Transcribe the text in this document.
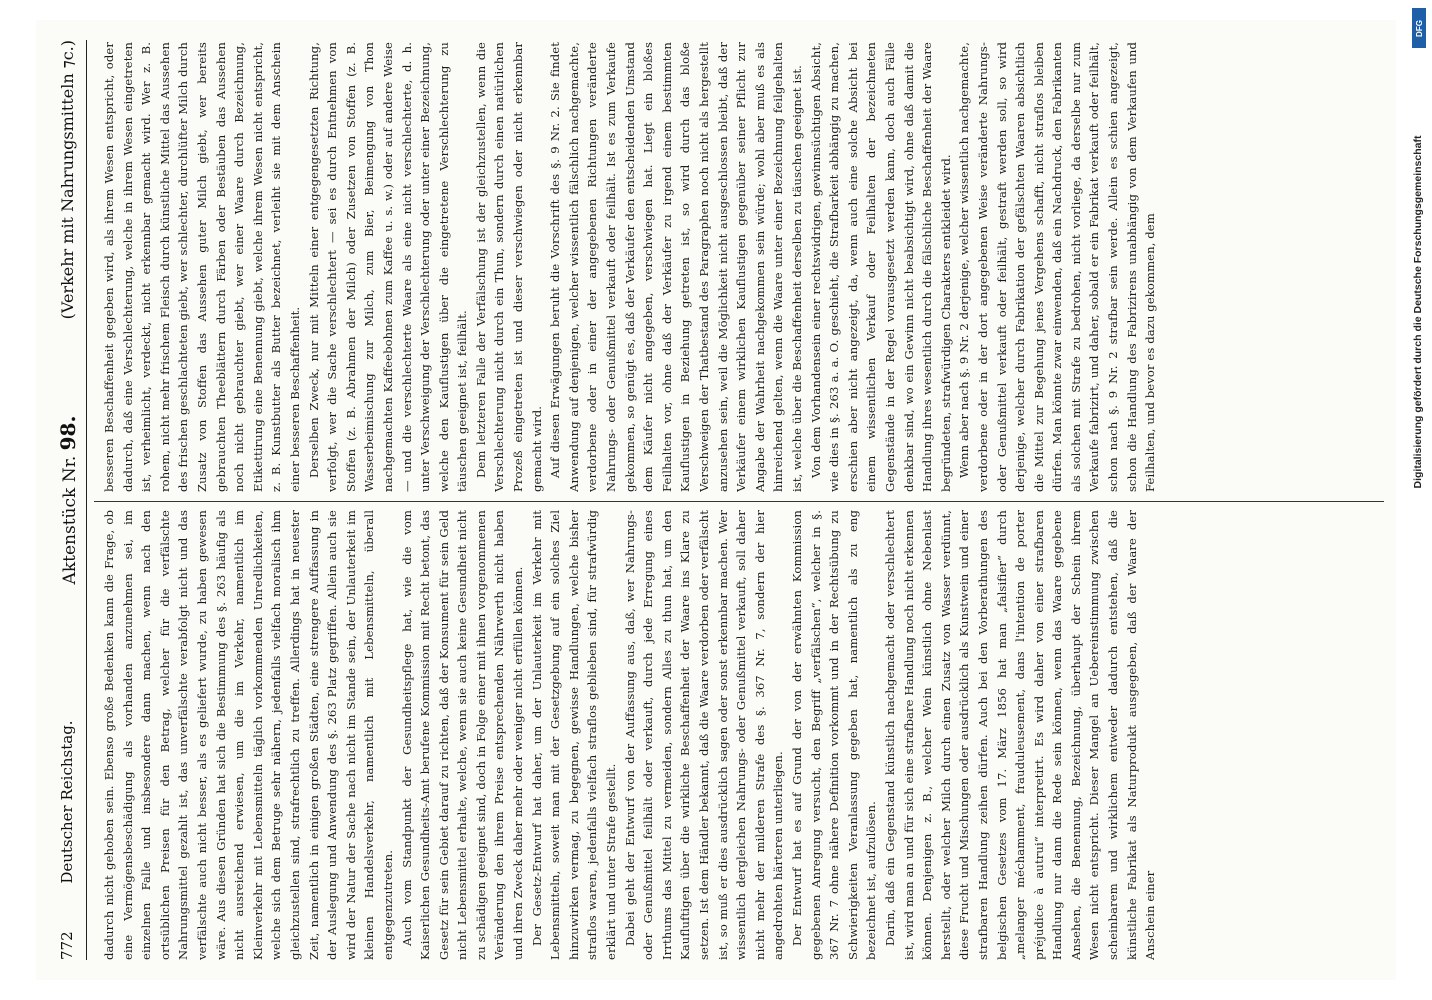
DFG
Digitalisierung gefördert durch die Deutsche Forschungsgemeinschaft
772          Deutscher Reichstag.
Aktenstück Nr. 98.
(Verkehr mit Nahrungsmitteln ⁊c.)

dadurch nicht gehoben sein. Ebenso große Bedenken kann die Frage, ob eine Vermögensbeschädigung als vorhanden anzunehmen sei, im einzelnen Falle und insbesondere dann machen, wenn nach den ortsüblichen Preisen für den Betrag, welcher für die verfälschte Nahrungsmittel gezahlt ist, das unverfälschte verabfolgt nicht und das verfälschte auch nicht besser, als es geliefert wurde, zu haben gewesen wäre. Aus diesen Gründen hat sich die Bestimmung des §. 263 häufig als nicht ausreichend erwiesen, um die im Verkehr, namentlich im Kleinverkehr mit Lebensmitteln täglich vorkommenden Unredlichkeiten, welche sich dem Betruge sehr nähern, jedenfalls vielfach moralisch ihm gleichzustellen sind, strafrechtlich zu treffen. Allerdings hat in neuester Zeit, namentlich in einigen großen Städten, eine strengere Auffassung in der Auslegung und Anwendung des §. 263 Platz gegriffen. Allein auch sie wird der Natur der Sache nach nicht im Stande sein, der Unlauterkeit im kleinen Handelsverkehr, namentlich mit Lebensmitteln, überall entgegenzutreten. Auch vom Standpunkt der Gesundheitspflege hat, wie die vom Kaiserlichen Gesundheits-Amt berufene Kommission mit Recht betont, das Gesetz für sein Gebiet darauf zu richten, daß der Konsument für sein Geld nicht Lebensmittel erhalte, welche, wenn sie auch keine Gesundheit nicht zu schädigen geeignet sind, doch in Folge einer mit ihnen vorgenommenen Veränderung den ihrem Preise entsprechenden Nährwerth nicht haben und ihren Zweck daher mehr oder weniger nicht erfüllen können. Der Gesetz-Entwurf hat daher, um der Unlauterkeit im Verkehr mit Lebensmitteln, soweit man mit der Gesetzgebung auf ein solches Ziel hinzuwirken vermag, zu begegnen, gewisse Handlungen, welche bisher straflos waren, jedenfalls vielfach straflos geblieben sind, für strafwürdig erklärt und unter Strafe gestellt. Dabei geht der Entwurf von der Auffassung aus, daß, wer Nahrungs- oder Genußmittel feilhält oder verkauft, durch jede Erregung eines Irrthums das Mittel zu vermeiden, sondern Alles zu thun hat, um den Kaufluftigen über die wirkliche Beschaffenheit der Waare ins Klare zu setzen. Ist dem Händler bekannt, daß die Waare verdorben oder verfälscht ist, so muß er dies ausdrücklich sagen oder sonst erkennbar machen. Wer wissentlich dergleichen Nahrungs- oder Genußmittel verkauft, soll daher nicht mehr der milderen Strafe des §. 367 Nr. 7, sondern der hier angedrohten härteren unterliegen. Der Entwurf hat es auf Grund der von der erwähnten Kommission gegebenen Anregung versucht, den Begriff „verfälschen“, welcher in §. 367 Nr. 7 ohne nähere Definition vorkommt und in der Rechtsübung zu Schwierigkeiten Veranlassung gegeben hat, namentlich als zu eng bezeichnet ist, aufzulösen. Darin, daß ein Gegenstand künstlich nachgemacht oder verschlechtert ist, wird man an und für sich eine strafbare Handlung noch nicht erkennen können. Denjenigen z. B., welcher Wein künstlich ohne Nebenlast herstellt, oder welcher Milch durch einen Zusatz von Wasser verdünnt, diese Frucht und Mischungen oder ausdrücklich als Kunstwein und einer strafbaren Handlung zeihen dürfen. Auch bei den Vorberathungen des belgischen Gesetzes vom 17. März 1856 hat man „falsifier“ durch „melanger méchamment, frauduleusement, dans l'intention de porter préjudice à autrui“ interpretirt. Es wird daher von einer strafbaren Handlung nur dann die Rede sein können, wenn das Waare gegebene Ansehen, die Benennung, Bezeichnung, überhaupt der Schein ihrem Wesen nicht entspricht. Dieser Mangel an Uebereinstimmung zwischen scheinbarem und wirklichem entweder dadurch entstehen, daß die künstliche Fabrikat als Naturprodukt ausgegeben, daß der Waare der Anschein einer

besseren Beschaffenheit gegeben wird, als ihrem Wesen entspricht, oder dadurch, daß eine Verschlechterung, welche in ihrem Wesen eingetreten ist, verheimlicht, verdeckt, nicht erkennbar gemacht wird. Wer z. B. rohem, nicht mehr frischem Fleisch durch künstliche Mittel das Aussehen des frischen geschlachteten giebt, wer schlechter, durchlüfter Milch durch Zusatz von Stoffen das Aussehen guter Milch giebt, wer bereits gebrauchten Theeblättern durch Färben oder Bestäuben das Aussehen noch nicht gebrauchter giebt, wer einer Waare durch Bezeichnung, Etikettirung eine Benennung giebt, welche ihrem Wesen nicht entspricht, z. B. Kunstbutter als Butter bezeichnet, verleiht sie mit dem Anschein einer besseren Beschaffenheit. Derselben Zweck, nur mit Mitteln einer entgegengesetzten Richtung, verfolgt, wer die Sache verschlechtert — sei es durch Entnehmen von Stoffen (z. B. Abrahmen der Milch) oder Zusetzen von Stoffen (z. B. Wasserbeimischung zur Milch, zum Bier, Beimengung von Thon nachgemachten Kaffeebohnen zum Kaffee u. s. w.) oder auf andere Weise — und die verschlechterte Waare als eine nicht verschlechterte, d. h. unter Verschweigung der Verschlechterung oder unter einer Bezeichnung, welche den Kauflustigen über die eingetretene Verschlechterung zu täuschen geeignet ist, feilhält. Dem letzteren Falle der Verfälschung ist der gleichzustellen, wenn die Verschlechterung nicht durch ein Thun, sondern durch einen natürlichen Prozeß eingetreten ist und dieser verschwiegen oder nicht erkennbar gemacht wird. Auf diesen Erwägungen beruht die Vorschrift des §. 9 Nr. 2. Sie findet Anwendung auf denjenigen, welcher wissentlich fälschlich nachgemachte, verdorbene oder in einer der angegebenen Richtungen veränderte Nahrungs- oder Genußmittel verkauft oder feilhält. Ist es zum Verkaufe gekommen, so genügt es, daß der Verkäufer den entscheidenden Umstand dem Käufer nicht angegeben, verschwiegen hat. Liegt ein bloßes Feilhalten vor, ohne daß der Verkäufer zu irgend einem bestimmten Kauflustigen in Beziehung getreten ist, so wird durch das bloße Verschweigen der Thatbestand des Paragraphen noch nicht als hergestellt anzusehen sein, weil die Möglichkeit nicht ausgeschlossen bleibt, daß der Verkäufer einem wirklichen Kauflustigen gegenüber seiner Pflicht zur Angabe der Wahrheit nachgekommen sein würde; wohl aber muß es als hinreichend gelten, wenn die Waare unter einer Bezeichnung feilgehalten ist, welche über die Beschaffenheit derselben zu täuschen geeignet ist. Von dem Vorhandensein einer rechtswidrigen, gewinnsüchtigen Absicht, wie dies in §. 263 a. a. O. geschieht, die Strafbarkeit abhängig zu machen, erschien aber nicht angezeigt, da, wenn auch eine solche Absicht bei einem wissentlichen Verkauf oder Feilhalten der bezeichneten Gegenstände in der Regel vorausgesetzt werden kann, doch auch Fälle denkbar sind, wo ein Gewinn nicht beabsichtigt wird, ohne daß damit die Handlung ihres wesentlich durch die fälschliche Beschaffenheit der Waare begründeten, strafwürdigen Charakters entkleidet wird. Wenn aber nach §. 9 Nr. 2 derjenige, welcher wissentlich nachgemachte, verdorbene oder in der dort angegebenen Weise veränderte Nahrungs- oder Genußmittel verkauft oder feilhält, gestraft werden soll, so wird derjenige, welcher durch Fabrikation der gefälschten Waaren absichtlich die Mittel zur Begehung jenes Vergehens schafft, nicht straflos bleiben dürfen. Man könnte zwar einwenden, daß ein Nachdruck, den Fabrikanten als solchen mit Strafe zu bedrohen, nicht vorliege, da derselbe nur zum Verkaufe fabrizirt, und daher, sobald er ein Fabrikat verkauft oder feilhält, schon nach §. 9 Nr. 2 strafbar sein werde. Allein es schien angezeigt, schon die Handlung des Fabrizirens unabhängig von dem Verkaufen und Feilhalten, und bevor es dazu gekommen, dem
